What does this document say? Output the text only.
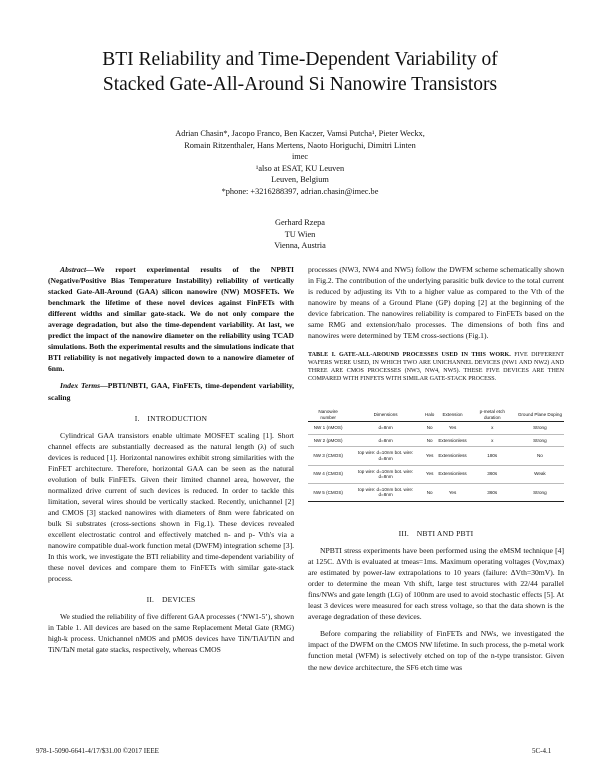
BTI Reliability and Time-Dependent Variability of
Stacked Gate-All-Around Si Nanowire Transistors
Adrian Chasin*, Jacopo Franco, Ben Kaczer, Vamsi Putcha¹, Pieter Weckx,
Romain Ritzenthaler, Hans Mertens, Naoto Horiguchi, Dimitri Linten
imec
¹also at ESAT, KU Leuven
Leuven, Belgium
*phone: +3216288397, adrian.chasin@imec.be
Gerhard Rzepa
TU Wien
Vienna, Austria

Abstract—We report experimental results of the NPBTI (Negative/Positive Bias Temperature Instability) reliability of vertically stacked Gate-All-Around (GAA) silicon nanowire (NW) MOSFETs. We benchmark the lifetime of these novel devices against FinFETs with different widths and similar gate-stack. We do not only compare the average degradation, but also the time-dependent variability. At last, we predict the impact of the nanowire diameter on the reliability using TCAD simulations. Both the experimental results and the simulations indicate that BTI reliability is not negatively impacted down to a nanowire diameter of 6nm.

Index Terms—PBTI/NBTI, GAA, FinFETs, time-dependent variability, scaling

I. INTRODUCTION

Cylindrical GAA transistors enable ultimate MOSFET scaling [1]. Short channel effects are substantially decreased as the natural length (λ) of such devices is reduced [1]. Horizontal nanowires exhibit strong similarities with the FinFET architecture. Therefore, horizontal GAA can be seen as the natural evolution of bulk FinFETs. Given their limited channel area, however, the normalized drive current of such devices is reduced. In order to tackle this limitation, several wires should be vertically stacked. Recently, unichannel [2] and CMOS [3] stacked nanowires with diameters of 8nm were fabricated on bulk Si substrates (cross-sections shown in Fig.1). These devices revealed excellent electrostatic control and effectively matched n- and p- Vth's via a nanowire compatible dual-work function metal (DWFM) integration scheme [3]. In this work, we investigate the BTI reliability and time-dependent variability of these novel devices and compare them to FinFETs with similar gate-stack process.

II. DEVICES

We studied the reliability of five different GAA processes (‘NW1-5’), shown in Table 1. All devices are based on the same Replacement Metal Gate (RMG) high-k process. Unichannel nMOS and pMOS devices have TiN/TiAl/TiN and TiN/TaN metal gate stacks, respectively, whereas CMOS

processes (NW3, NW4 and NW5) follow the DWFM scheme schematically shown in Fig.2. The contribution of the underlying parasitic bulk device to the total current is reduced by adjusting its Vth to a higher value as compared to the Vth of the nanowire by means of a Ground Plane (GP) doping [2] at the beginning of the device fabrication. The nanowires reliability is compared to FinFETs based on the same RMG and extension/halo processes. The dimensions of both fins and nanowires were determined by TEM cross-sections (Fig.1).

TABLE I. GATE-ALL-AROUND PROCESSES USED IN THIS WORK. FIVE DIFFERENT WAFERS WERE USED, IN WHICH TWO ARE UNICHANNEL DEVICES (NW1 AND NW2) AND THREE ARE CMOS PROCESSES (NW3, NW4, NW5). THESE FIVE DEVICES ARE THEN COMPARED WITH FINFETS WITH SIMILAR GATE-STACK PROCESS.
Nanowire number	Dimensions	Halo	Extension	p-metal etch duration	Ground Plane Doping
NW 1 (nMOS)	d=8nm	No	Yes	x	Strong
NW 2 (pMOS)	d=8nm	No	Extensionless	x	Strong
NW 3 (CMOS)	top wire: d=10nm bot. wire: d=8nm	Yes	Extensionless	180s	No
NW 4 (CMOS)	top wire: d=10nm bot. wire: d=8nm	Yes	Extensionless	360s	Weak
NW 5 (CMOS)	top wire: d=10nm bot. wire: d=8nm	No	Yes	360s	Strong

III. NBTI AND PBTI

NPBTI stress experiments have been performed using the eMSM technique [4] at 125C. ΔVth is evaluated at tmeas=1ms. Maximum operating voltages (Vov,max) are estimated by power-law extrapolations to 10 years (failure: ΔVth=30mV). In order to determine the mean Vth shift, large test structures with 22/44 parallel fins/NWs and gate length (LG) of 100nm are used to avoid stochastic effects [5]. At least 3 devices were measured for each stress voltage, so that the data shown is the average degradation of these devices.

Before comparing the reliability of FinFETs and NWs, we investigated the impact of the DWFM on the CMOS NW lifetime. In such process, the p-metal work function metal (WFM) is selectively etched on top of the n-type transistor. Given the new device architecture, the SF6 etch time was

978-1-5090-6641-4/17/$31.00 ©2017 IEEE	5C-4.1
